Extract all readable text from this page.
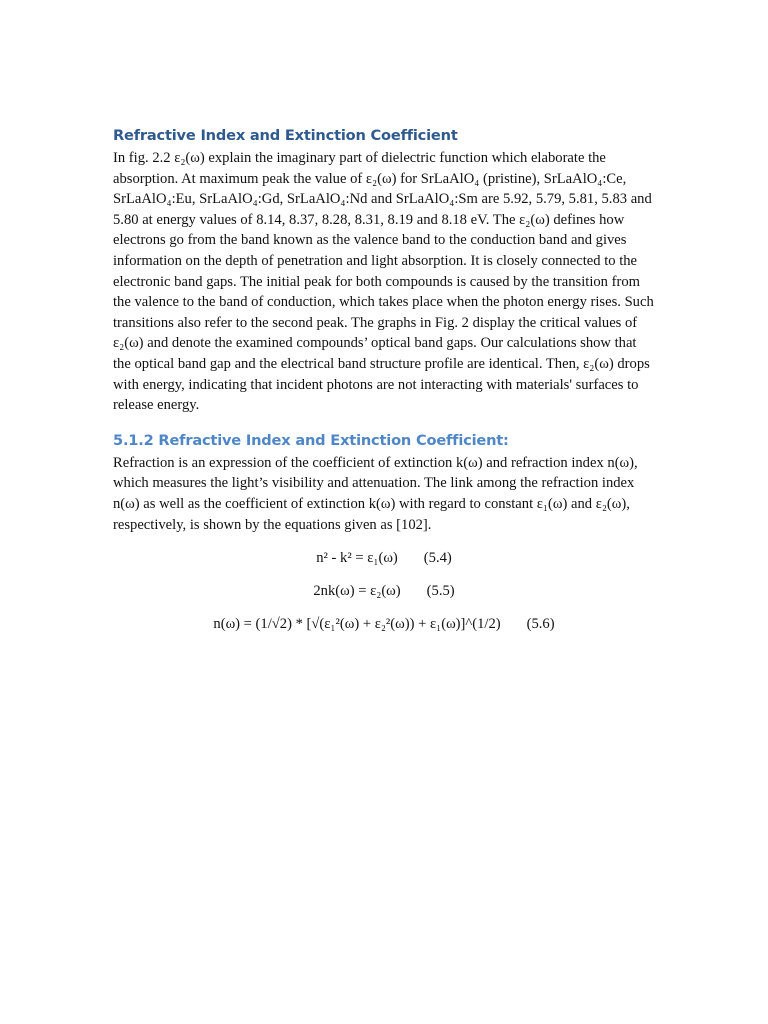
Refractive Index and Extinction Coefficient

In fig. 2.2 ε₂(ω) explain the imaginary part of dielectric function which elaborate the absorption. At maximum peak the value of ε₂(ω) for SrLaAlO₄ (pristine), SrLaAlO₄:Ce, SrLaAlO₄:Eu, SrLaAlO₄:Gd, SrLaAlO₄:Nd and SrLaAlO₄:Sm are 5.92, 5.79, 5.81, 5.83 and 5.80 at energy values of 8.14, 8.37, 8.28, 8.31, 8.19 and 8.18 eV. The ε₂(ω) defines how electrons go from the band known as the valence band to the conduction band and gives information on the depth of penetration and light absorption. It is closely connected to the electronic band gaps. The initial peak for both compounds is caused by the transition from the valence to the band of conduction, which takes place when the photon energy rises. Such transitions also refer to the second peak. The graphs in Fig. 2 display the critical values of ε₂(ω) and denote the examined compounds’ optical band gaps. Our calculations show that the optical band gap and the electrical band structure profile are identical. Then, ε₂(ω) drops with energy, indicating that incident photons are not interacting with materials' surfaces to release energy.

5.1.2 Refractive Index and Extinction Coefficient:

Refraction is an expression of the coefficient of extinction k(ω) and refraction index n(ω), which measures the light’s visibility and attenuation. The link among the refraction index n(ω) as well as the coefficient of extinction k(ω) with regard to constant ε₁(ω) and ε₂(ω), respectively, is shown by the equations given as [102].

n² - k² = ε₁(ω) (5.4)
2nk(ω) = ε₂(ω) (5.5)
n(ω) = (1/√2) * [√(ε₁²(ω) + ε₂²(ω)) + ε₁(ω)]^(1/2) (5.6)
